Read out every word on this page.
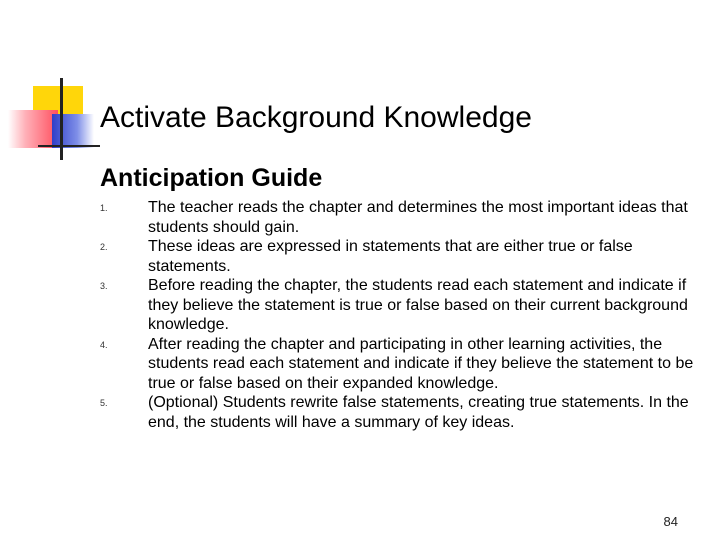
Activate Background Knowledge
Anticipation Guide
1.	The teacher reads the chapter and determines the most important ideas that students should gain.
2.	These ideas are expressed in statements that are either true or false statements.
3.	Before reading the chapter, the students read each statement and indicate if they believe the statement is true or false based on their current background knowledge.
4.	After reading the chapter and participating in other learning activities, the students read each statement and indicate if they believe the statement to be true or false based on their expanded knowledge.
5.	(Optional) Students rewrite false statements, creating true statements. In the end, the students will have a summary of key ideas.
84
